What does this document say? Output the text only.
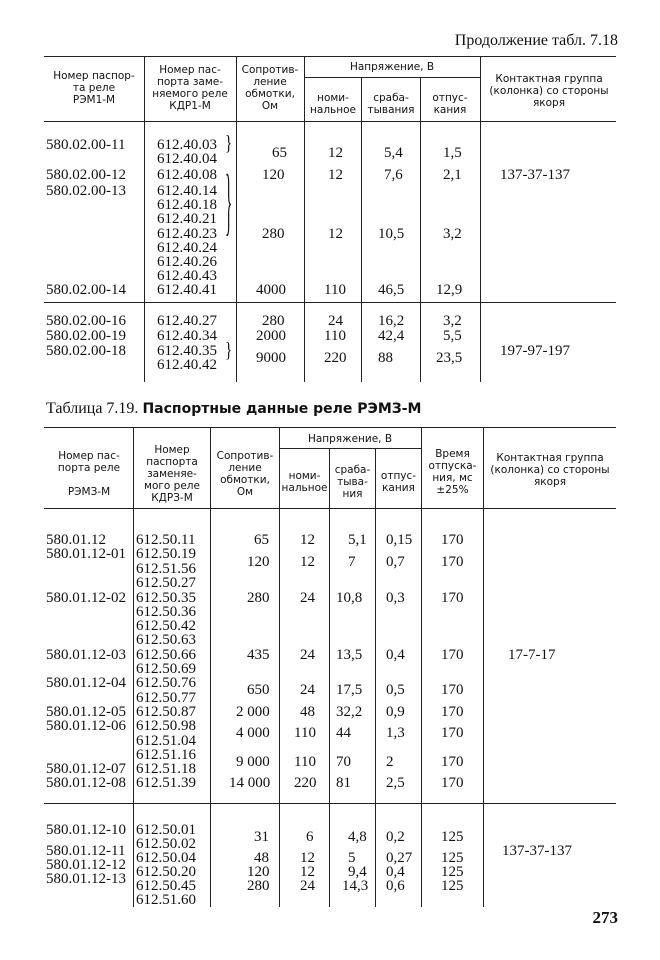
Продолжение табл. 7.18
Номер паспор-
та реле
РЭМ1-М
Номер пас-
порта заме-
няемого реле
КДР1-М
Сопротив-
ление
обмотки,
Ом
Напряжение, В
номи-
нальное
сраба-
тывания
отпус-
кания
Контактная группа
(колонка) со стороны
якоря
580.02.00-11
580.02.00-12
580.02.00-13
580.02.00-14
612.40.03
612.40.04
612.40.08
612.40.14
612.40.18
612.40.21
612.40.23
612.40.24
612.40.26
612.40.43
612.40.41
}
}
65
120
280
4000
12
12
12
110
5,4
7,6
10,5
46,5
1,5
2,1
3,2
12,9
137-37-137
580.02.00-16
580.02.00-19
580.02.00-18
612.40.27
612.40.34
612.40.35
612.40.42
}
280
2000
9000
24
110
220
16,2
42,4
88
3,2
5,5
23,5	197-97-197
Таблица 7.19. Паспортные данные реле РЭМЗ-М
Номер пас-
порта реле

РЭМЗ-М
Номер
паспорта
заменяе-
мого реле
КДРЗ-М
Сопротив-
ление
обмотки,
Ом
Напряжение, В
номи-
нальное
сраба-
тыва-
ния
отпус-
кания
Время
отпуска-
ния, мс
±25%
Контактная группа
(колонка) со стороны
якоря
580.01.12
580.01.12-01
580.01.12-02
580.01.12-03
580.01.12-04
580.01.12-05
580.01.12-06
580.01.12-07
580.01.12-08
612.50.11
612.50.19
612.51.56
612.50.27
612.50.35
612.50.36
612.50.42
612.50.63
612.50.66
612.50.69
612.50.76
612.50.77
612.50.87
612.50.98
612.51.04
612.51.16
612.51.18
612.51.39
65
120
280
435
650
2 000
4 000
9 000
14 000
12
12
24
24
24
48
110
110
220
5,1
7
10,8
13,5
17,5
32,2
44
70
81
0,15
0,7
0,3
0,4
0,5
0,9
1,3
2
2,5
170
170
170
170
170
170
170
170
170
17-7-17
580.01.12-10
580.01.12-11
580.01.12-12
580.01.12-13
612.50.01
612.50.02
612.50.04
612.50.20
612.50.45
612.51.60
31
48
120
280
6
12
12
24
4,8
5
9,4
14,3
0,2
0,27
0,4
0,6
125
125
125
125
137-37-137
273
